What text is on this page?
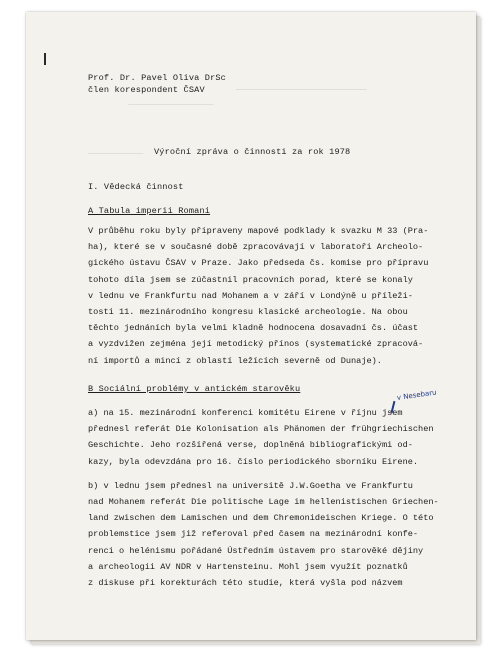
──────────────────────────
─────────────────
───────────
Prof. Dr. Pavel Oliva DrSc
člen korespondent ČSAV
Výroční zpráva o činnosti za rok 1978
I. Vědecká činnost
A Tabula imperii Romani
V průběhu roku byly připraveny mapové podklady k svazku M 33 (Pra-
ha), které se v současné době zpracovávají v laboratoři Archeolo-
gického ústavu ČSAV v Praze. Jako předseda čs. komise pro přípravu
tohoto díla jsem se zúčastnil pracovních porad, které se konaly
v lednu ve Frankfurtu nad Mohanem a v září v Londýně u příleži-
tosti 11. mezinárodního kongresu klasické archeologie. Na obou
těchto jednáních byla velmi kladně hodnocena dosavadní čs. účast
a vyzdvižen zejména její metodický přínos (systematické zpracová-
ní importů a mincí z oblastí ležících severně od Dunaje).
B Sociální problémy v antickém starověku	v Nesebaru
a) na 15. mezinárodní konferenci komitétu Eirene v říjnu jsem
přednesl referát Die Kolonisation als Phänomen der frühgriechischen
Geschichte. Jeho rozšířená verse, doplněná bibliografickými od-
kazy, byla odevzdána pro 16. číslo periodického sborníku Eirene.
b) v lednu jsem přednesl na universitě J.W.Goetha ve Frankfurtu
nad Mohanem referát Die politische Lage im hellenistischen Griechen-
land zwischen dem Lamischen und dem Chremonideischen Kriege. O této
problemstice jsem již referoval před časem na mezinárodní konfe-
renci o helénismu pořádané Ústředním ústavem pro starověké dějiny
a archeologii AV NDR v Hartensteinu. Mohl jsem využít poznatků
z diskuse při korekturách této studie, která vyšla pod názvem
